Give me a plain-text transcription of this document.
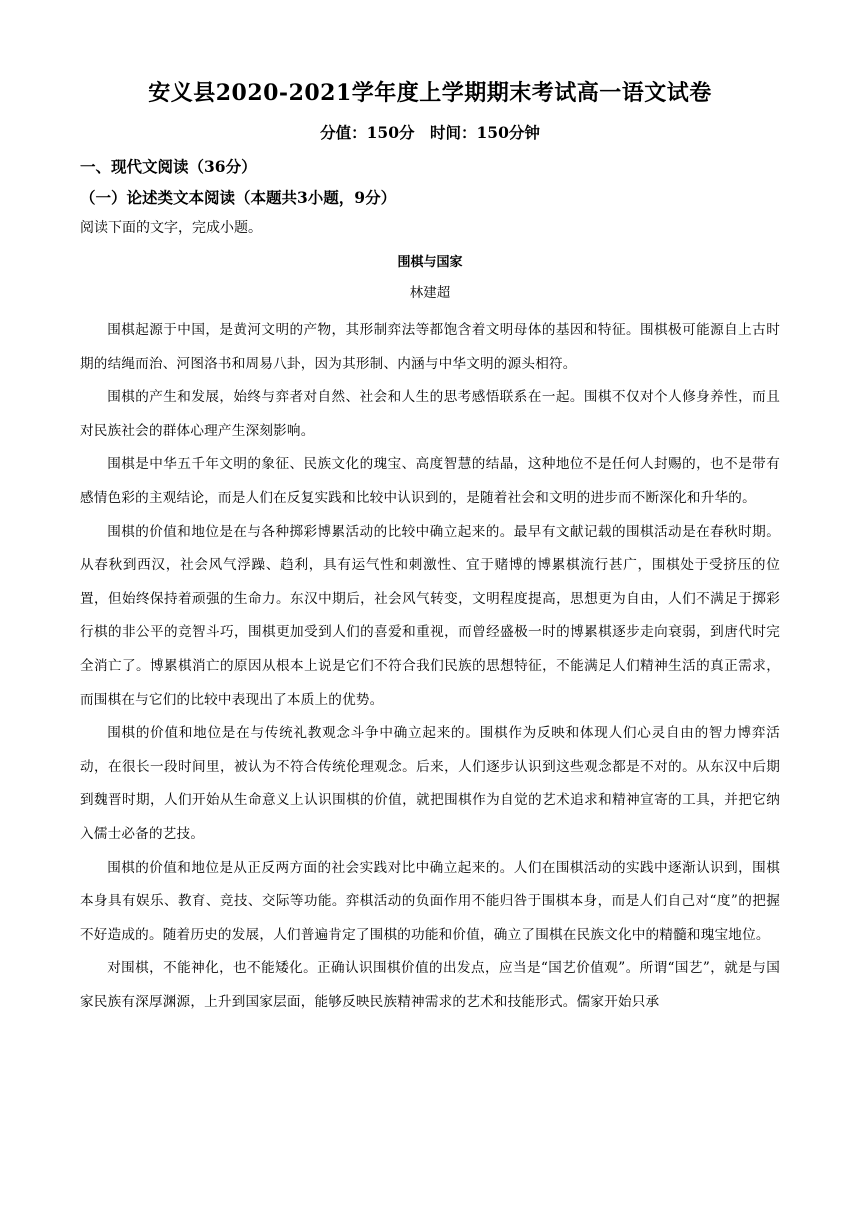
安义县2020-2021学年度上学期期末考试高一语文试卷
分值：150分　时间：150分钟
一、现代文阅读（36分）
（一）论述类文本阅读（本题共3小题，9分）
阅读下面的文字，完成小题。
围棋与国家
林建超

围棋起源于中国，是黄河文明的产物，其形制弈法等都饱含着文明母体的基因和特征。围棋极可能源自上古时期的结绳而治、河图洛书和周易八卦，因为其形制、内涵与中华文明的源头相符。

围棋的产生和发展，始终与弈者对自然、社会和人生的思考感悟联系在一起。围棋不仅对个人修身养性，而且对民族社会的群体心理产生深刻影响。

围棋是中华五千年文明的象征、民族文化的瑰宝、高度智慧的结晶，这种地位不是任何人封赐的，也不是带有感情色彩的主观结论，而是人们在反复实践和比较中认识到的，是随着社会和文明的进步而不断深化和升华的。

围棋的价值和地位是在与各种掷彩博累活动的比较中确立起来的。最早有文献记载的围棋活动是在春秋时期。从春秋到西汉，社会风气浮躁、趋利，具有运气性和刺激性、宜于赌博的博累棋流行甚广，围棋处于受挤压的位置，但始终保持着顽强的生命力。东汉中期后，社会风气转变，文明程度提高，思想更为自由，人们不满足于掷彩行棋的非公平的竞智斗巧，围棋更加受到人们的喜爱和重视，而曾经盛极一时的博累棋逐步走向衰弱，到唐代时完全消亡了。博累棋消亡的原因从根本上说是它们不符合我们民族的思想特征，不能满足人们精神生活的真正需求，而围棋在与它们的比较中表现出了本质上的优势。

围棋的价值和地位是在与传统礼教观念斗争中确立起来的。围棋作为反映和体现人们心灵自由的智力博弈活动，在很长一段时间里，被认为不符合传统伦理观念。后来，人们逐步认识到这些观念都是不对的。从东汉中后期到魏晋时期，人们开始从生命意义上认识围棋的价值，就把围棋作为自觉的艺术追求和精神宣寄的工具，并把它纳入儒士必备的艺技。

围棋的价值和地位是从正反两方面的社会实践对比中确立起来的。人们在围棋活动的实践中逐渐认识到，围棋本身具有娱乐、教育、竞技、交际等功能。弈棋活动的负面作用不能归咎于围棋本身，而是人们自己对“度”的把握不好造成的。随着历史的发展，人们普遍肯定了围棋的功能和价值，确立了围棋在民族文化中的精髓和瑰宝地位。

对围棋，不能神化，也不能矮化。正确认识围棋价值的出发点，应当是“国艺价值观”。所谓“国艺”，就是与国家民族有深厚渊源，上升到国家层面，能够反映民族精神需求的艺术和技能形式。儒家开始只承
